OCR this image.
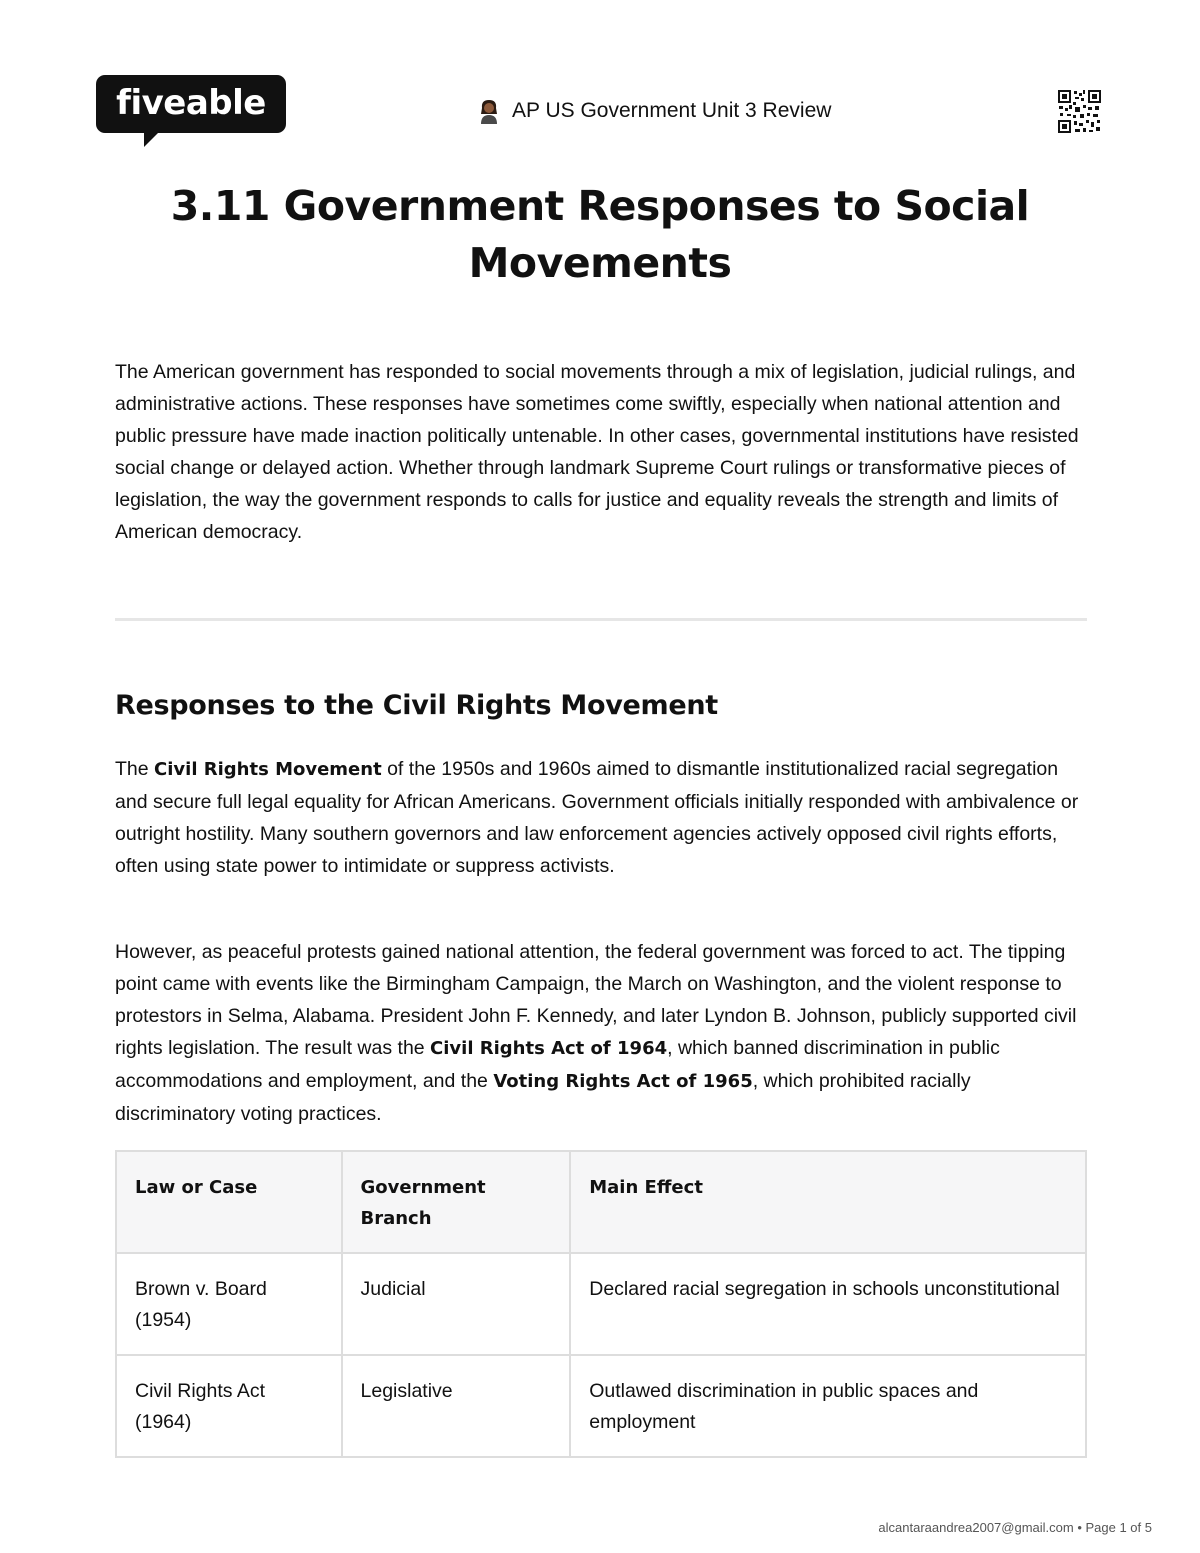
fiveable	AP US Government Unit 3 Review
3.11 Government Responses to Social Movements

The American government has responded to social movements through a mix of legislation, judicial rulings, and administrative actions. These responses have sometimes come swiftly, especially when national attention and public pressure have made inaction politically untenable. In other cases, governmental institutions have resisted social change or delayed action. Whether through landmark Supreme Court rulings or transformative pieces of legislation, the way the government responds to calls for justice and equality reveals the strength and limits of American democracy.

Responses to the Civil Rights Movement

The Civil Rights Movement of the 1950s and 1960s aimed to dismantle institutionalized racial segregation and secure full legal equality for African Americans. Government officials initially responded with ambivalence or outright hostility. Many southern governors and law enforcement agencies actively opposed civil rights efforts, often using state power to intimidate or suppress activists.

However, as peaceful protests gained national attention, the federal government was forced to act. The tipping point came with events like the Birmingham Campaign, the March on Washington, and the violent response to protestors in Selma, Alabama. President John F. Kennedy, and later Lyndon B. Johnson, publicly supported civil rights legislation. The result was the Civil Rights Act of 1964, which banned discrimination in public accommodations and employment, and the Voting Rights Act of 1965, which prohibited racially discriminatory voting practices.

Law or Case	Government Branch	Main Effect
Brown v. Board (1954)	Judicial	Declared racial segregation in schools unconstitutional
Civil Rights Act (1964)	Legislative	Outlawed discrimination in public spaces and employment
alcantaraandrea2007@gmail.com • Page 1 of 5
